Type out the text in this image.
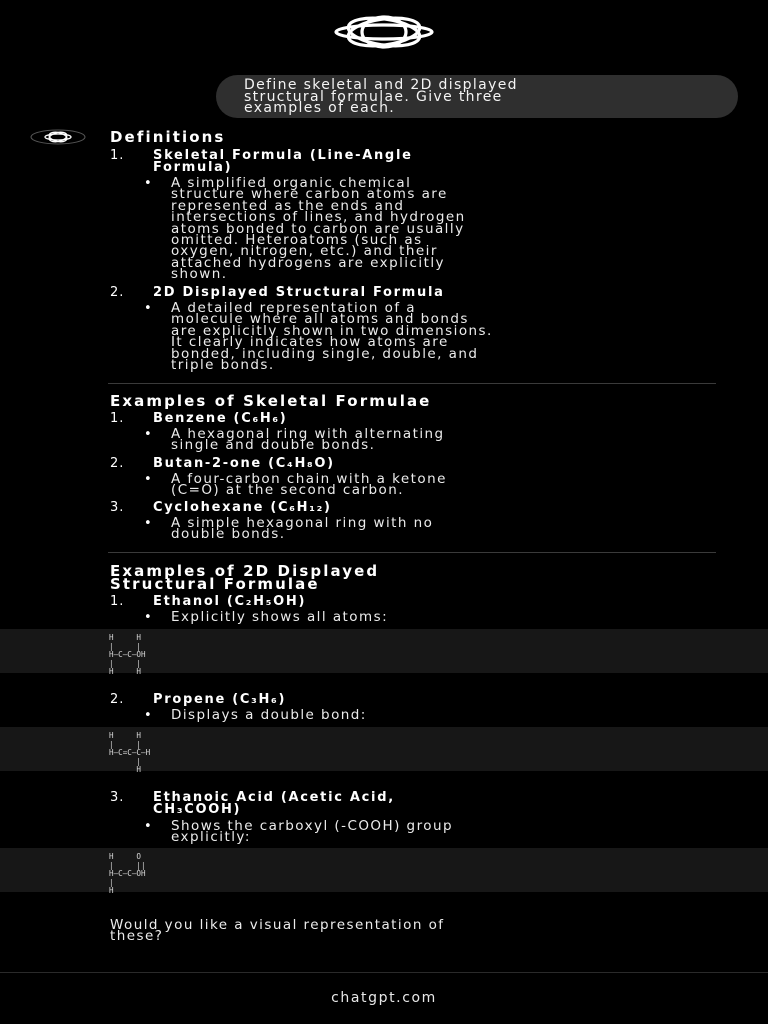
Define skeletal and 2D displayed
structural formulae. Give three
examples of each.

Definitions
1. Skeletal Formula (Line-Angle
Formula)
• A simplified organic chemical
structure where carbon atoms are
represented as the ends and
intersections of lines, and hydrogen
atoms bonded to carbon are usually
omitted. Heteroatoms (such as
oxygen, nitrogen, etc.) and their
attached hydrogens are explicitly
shown.

2. 2D Displayed Structural Formula
• A detailed representation of a
molecule where all atoms and bonds
are explicitly shown in two dimensions.
It clearly indicates how atoms are
bonded, including single, double, and
triple bonds.

Examples of Skeletal Formulae
1. Benzene (C₆H₆)
• A hexagonal ring with alternating
single and double bonds.

2. Butan-2-one (C₄H₈O)
• A four-carbon chain with a ketone
(C=O) at the second carbon.

3. Cyclohexane (C₆H₁₂)
• A simple hexagonal ring with no
double bonds.

Examples of 2D Displayed
Structural Formulae
1. Ethanol (C₂H₅OH)
• Explicitly shows all atoms:

2. Propene (C₃H₆)
• Displays a double bond:

3. Ethanoic Acid (Acetic Acid,
CH₃COOH)
• Shows the carboxyl (-COOH) group
explicitly:

Would you like a visual representation of
these?

H     H
|     |
H—C—C—OH
|     |
H     H
H     H
|     |
H—C=C—C—H
|
H
H     O
|     ||
H—C—C—OH
|
H
chatgpt.com
